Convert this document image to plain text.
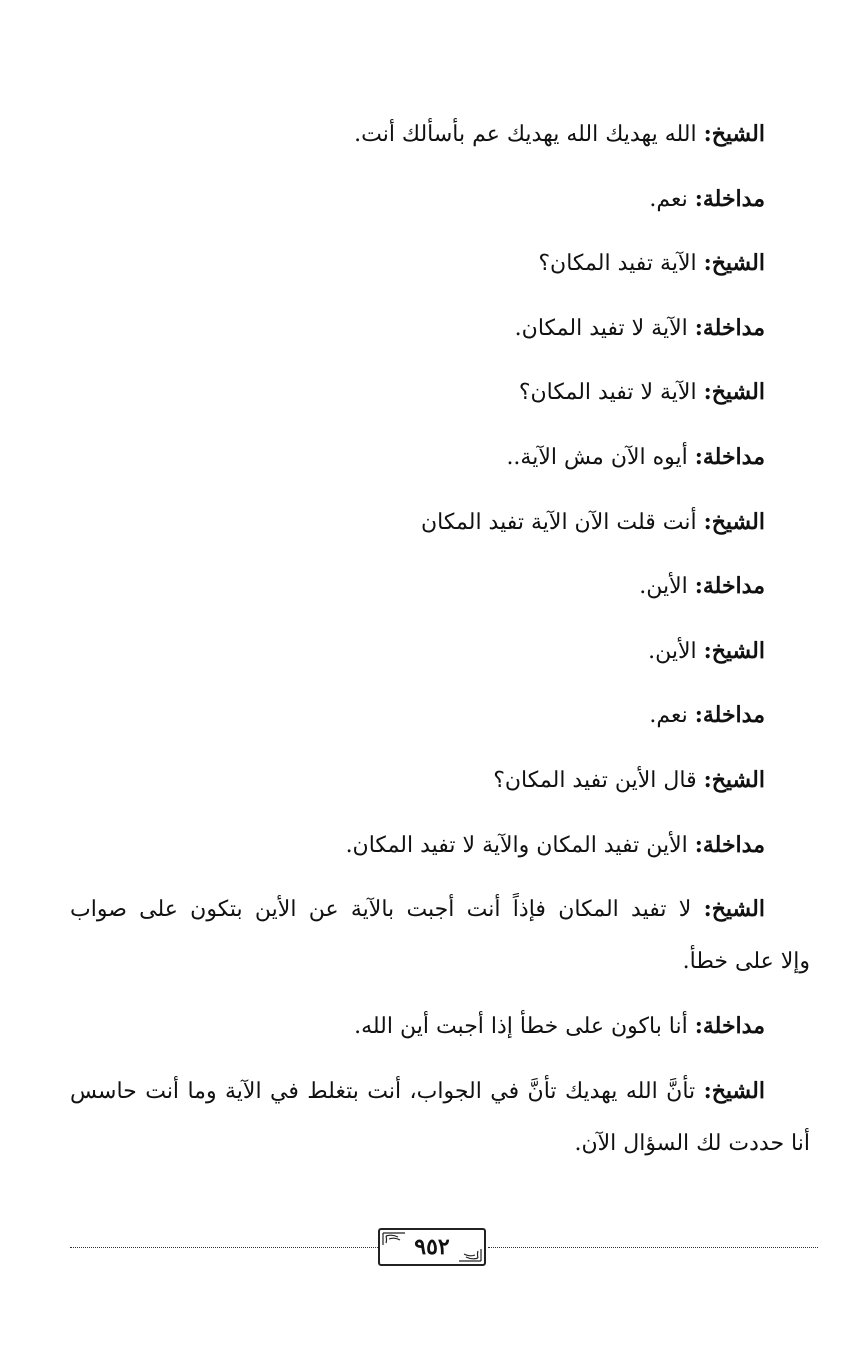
الشيخ: الله يهديك الله يهديك عم بأسألك أنت.
مداخلة: نعم.
الشيخ: الآية تفيد المكان؟
مداخلة: الآية لا تفيد المكان.
الشيخ: الآية لا تفيد المكان؟
مداخلة: أيوه الآن مش الآية..
الشيخ: أنت قلت الآن الآية تفيد المكان
مداخلة: الأين.
الشيخ: الأين.
مداخلة: نعم.
الشيخ: قال الأين تفيد المكان؟
مداخلة: الأين تفيد المكان والآية لا تفيد المكان.
الشيخ: لا تفيد المكان فإذاً أنت أجبت بالآية عن الأين بتكون على صواب
وإلا على خطأ.
مداخلة: أنا باكون على خطأ إذا أجبت أين الله.
الشيخ: تأنَّ الله يهديك تأنَّ في الجواب، أنت بتغلط في الآية وما أنت حاسس
أنا حددت لك السؤال الآن.
٩٥٢
